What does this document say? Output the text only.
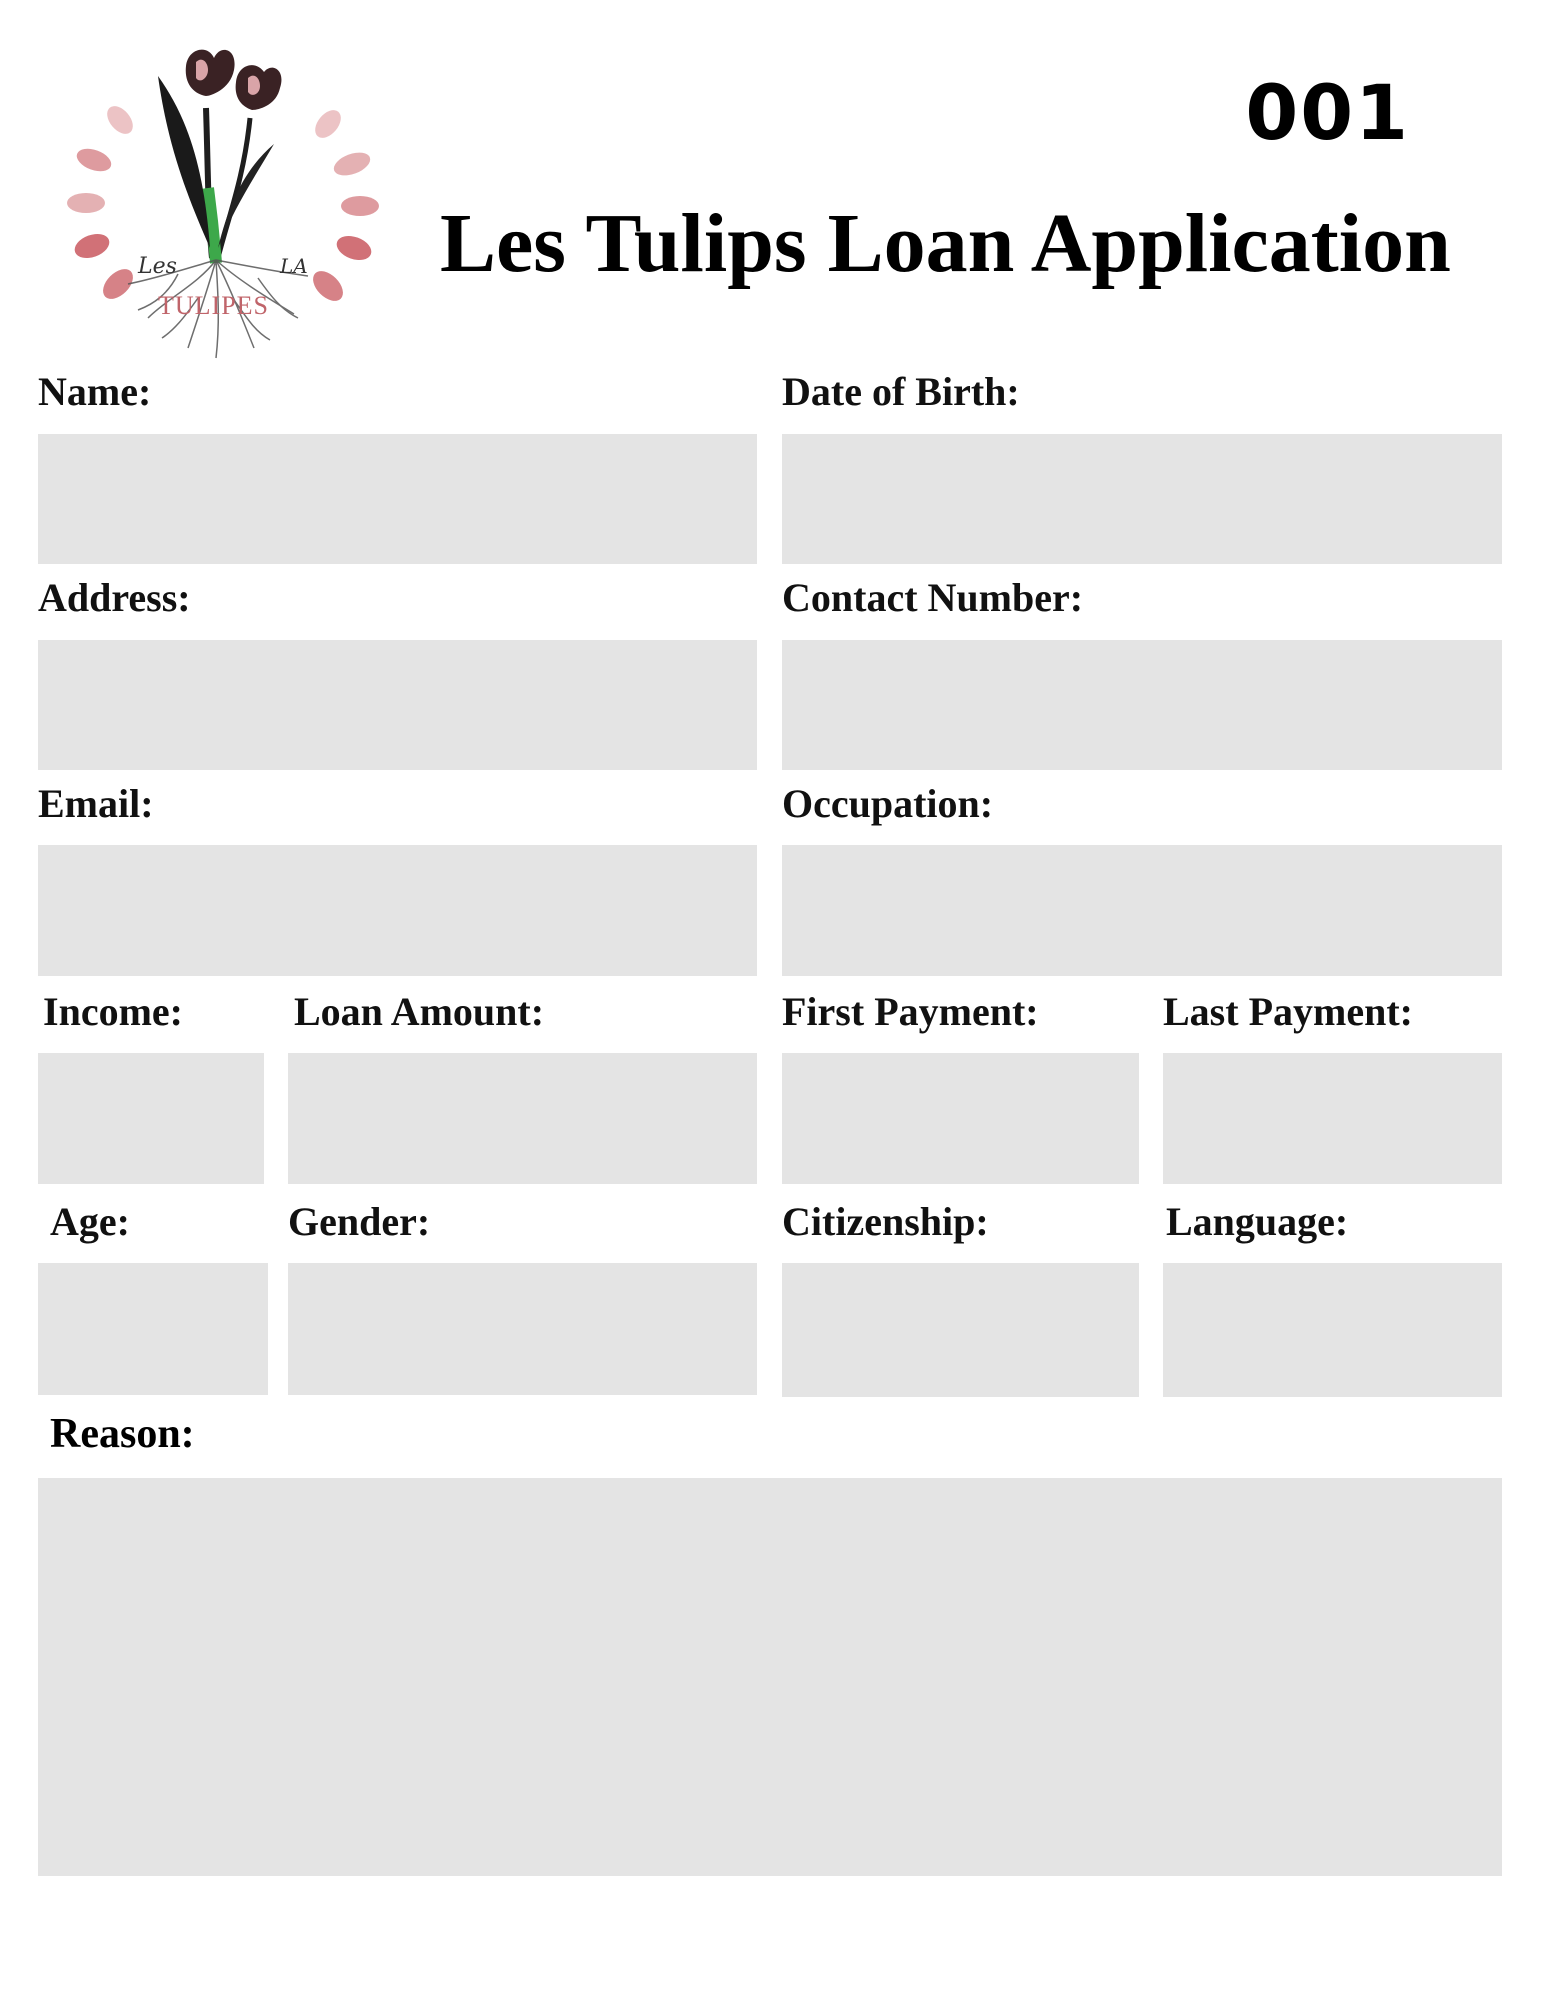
Les	LA
TULIPES
001
Les Tulips Loan Application
Name:	Date of Birth:
Address:	Contact Number:
Email:	Occupation:
Income:	Loan Amount:	First Payment:	Last Payment:
Age:	Gender:	Citizenship:	Language:
Reason:
